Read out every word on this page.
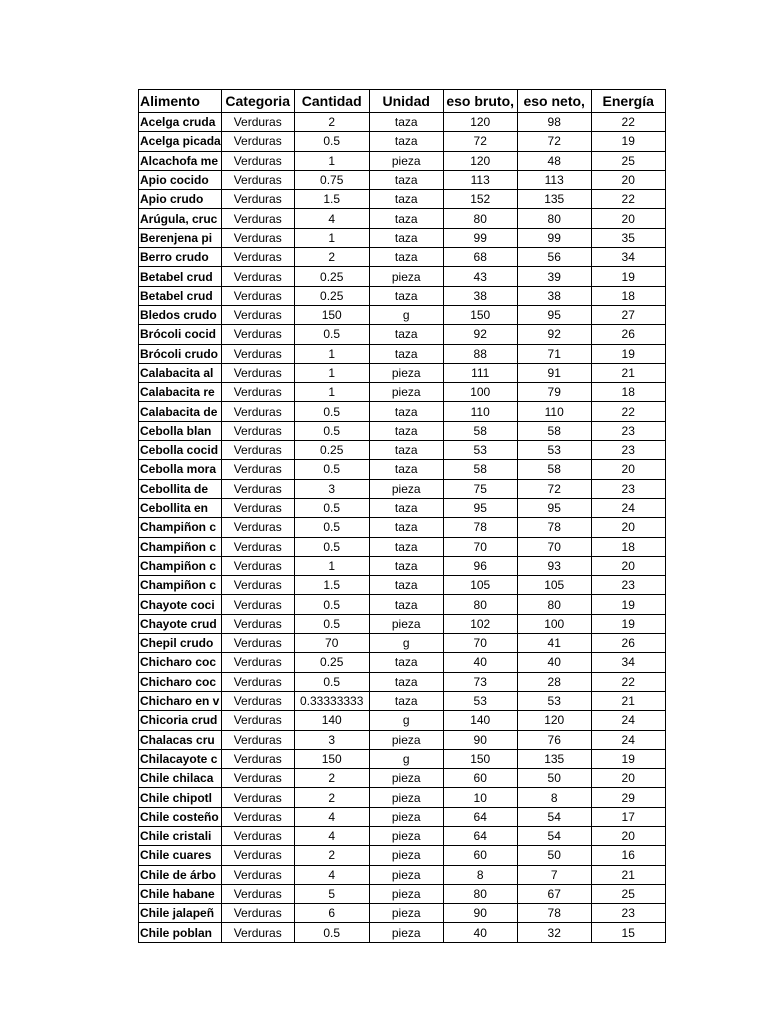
Alimento	Categoria	Cantidad	Unidad	eso bruto,	eso neto,	Energía
Acelga cruda	Verduras	2	taza	120	98	22
Acelga picada	Verduras	0.5	taza	72	72	19
Alcachofa me	Verduras	1	pieza	120	48	25
Apio cocido	Verduras	0.75	taza	113	113	20
Apio crudo	Verduras	1.5	taza	152	135	22
Arúgula, cruc	Verduras	4	taza	80	80	20
Berenjena pi	Verduras	1	taza	99	99	35
Berro crudo	Verduras	2	taza	68	56	34
Betabel crud	Verduras	0.25	pieza	43	39	19
Betabel crud	Verduras	0.25	taza	38	38	18
Bledos crudo	Verduras	150	g	150	95	27
Brócoli cocid	Verduras	0.5	taza	92	92	26
Brócoli crudo	Verduras	1	taza	88	71	19
Calabacita al	Verduras	1	pieza	111	91	21
Calabacita re	Verduras	1	pieza	100	79	18
Calabacita de	Verduras	0.5	taza	110	110	22
Cebolla blan	Verduras	0.5	taza	58	58	23
Cebolla cocid	Verduras	0.25	taza	53	53	23
Cebolla mora	Verduras	0.5	taza	58	58	20
Cebollita de	Verduras	3	pieza	75	72	23
Cebollita en	Verduras	0.5	taza	95	95	24
Champiñon c	Verduras	0.5	taza	78	78	20
Champiñon c	Verduras	0.5	taza	70	70	18
Champiñon c	Verduras	1	taza	96	93	20
Champiñon c	Verduras	1.5	taza	105	105	23
Chayote coci	Verduras	0.5	taza	80	80	19
Chayote crud	Verduras	0.5	pieza	102	100	19
Chepil crudo	Verduras	70	g	70	41	26
Chicharo coc	Verduras	0.25	taza	40	40	34
Chicharo coc	Verduras	0.5	taza	73	28	22
Chicharo en v	Verduras	0.33333333	taza	53	53	21
Chicoria crud	Verduras	140	g	140	120	24
Chalacas cru	Verduras	3	pieza	90	76	24
Chilacayote c	Verduras	150	g	150	135	19
Chile chilaca	Verduras	2	pieza	60	50	20
Chile chipotl	Verduras	2	pieza	10	8	29
Chile costeño	Verduras	4	pieza	64	54	17
Chile cristali	Verduras	4	pieza	64	54	20
Chile cuares	Verduras	2	pieza	60	50	16
Chile de árbo	Verduras	4	pieza	8	7	21
Chile habane	Verduras	5	pieza	80	67	25
Chile jalapeñ	Verduras	6	pieza	90	78	23
Chile poblan	Verduras	0.5	pieza	40	32	15
